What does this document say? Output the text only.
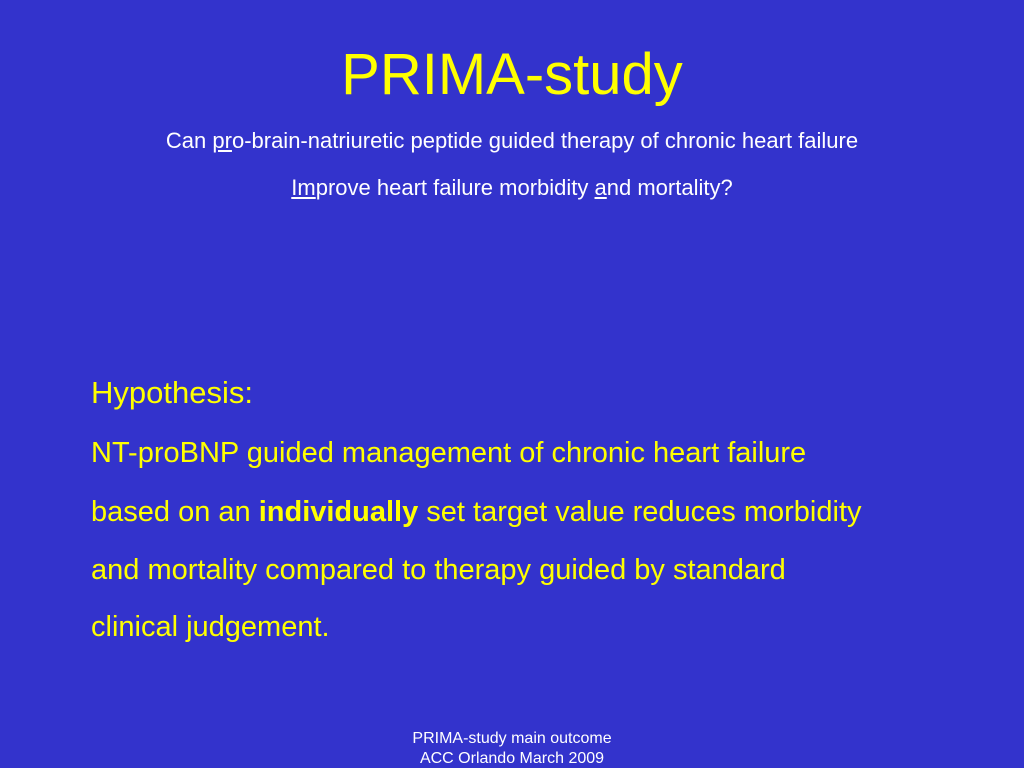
PRIMA-study
Can pro-brain-natriuretic peptide guided therapy of chronic heart failure
Improve heart failure morbidity and mortality?
Hypothesis:
NT-proBNP guided management of chronic heart failure
based on an individually set target value reduces morbidity
and mortality compared to therapy guided by standard
clinical judgement.
PRIMA-study main outcome
ACC Orlando March 2009
